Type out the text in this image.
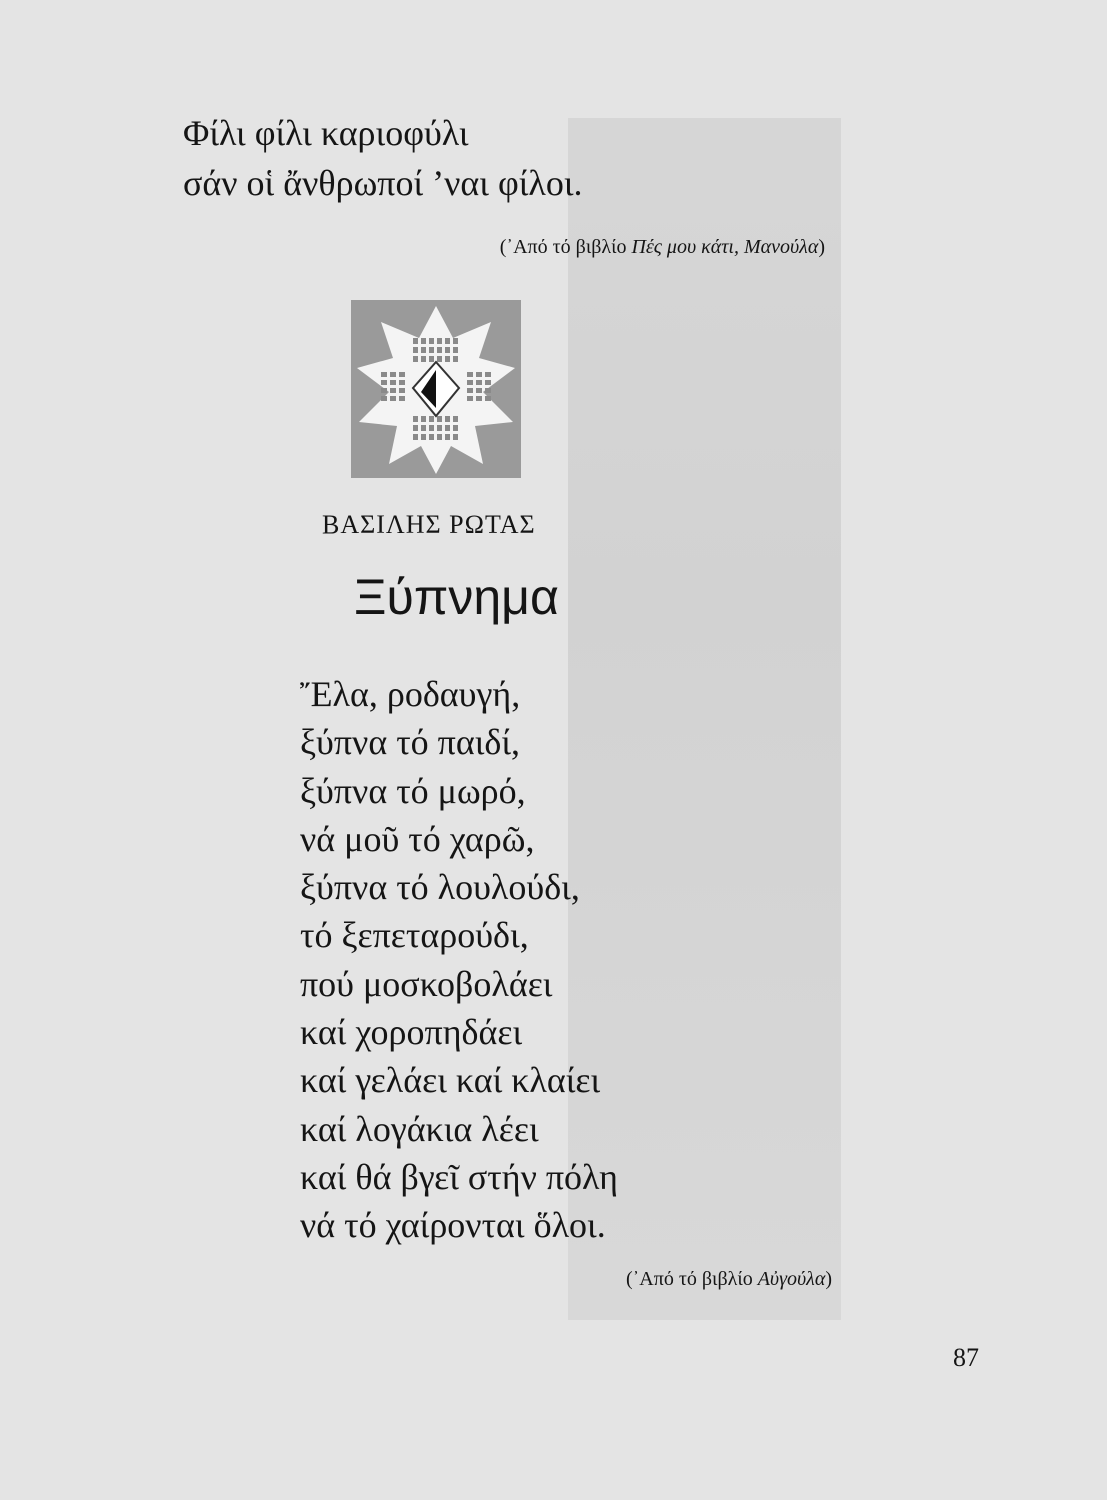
Φίλι φίλι καριοφύλι
σάν οἱ ἄνθρωποί ’ναι φίλοι.
(᾿Από τό βιβλίο Πές μου κάτι, Μανούλα)
ΒΑΣΙΛΗΣ ΡΩΤΑΣ
Ξύπνημα
Ἔλα, ροδαυγή,
ξύπνα τό παιδί,
ξύπνα τό μωρό,
νά μοῦ τό χαρῶ,
ξύπνα τό λουλούδι,
τό ξεπεταρούδι,
πού μοσκοβολάει
καί χοροπηδάει
καί γελάει καί κλαίει
καί λογάκια λέει
καί θά βγεῖ στήν πόλη
νά τό χαίρονται ὅλοι.
(᾿Από τό βιβλίο Αὐγούλα)
87
